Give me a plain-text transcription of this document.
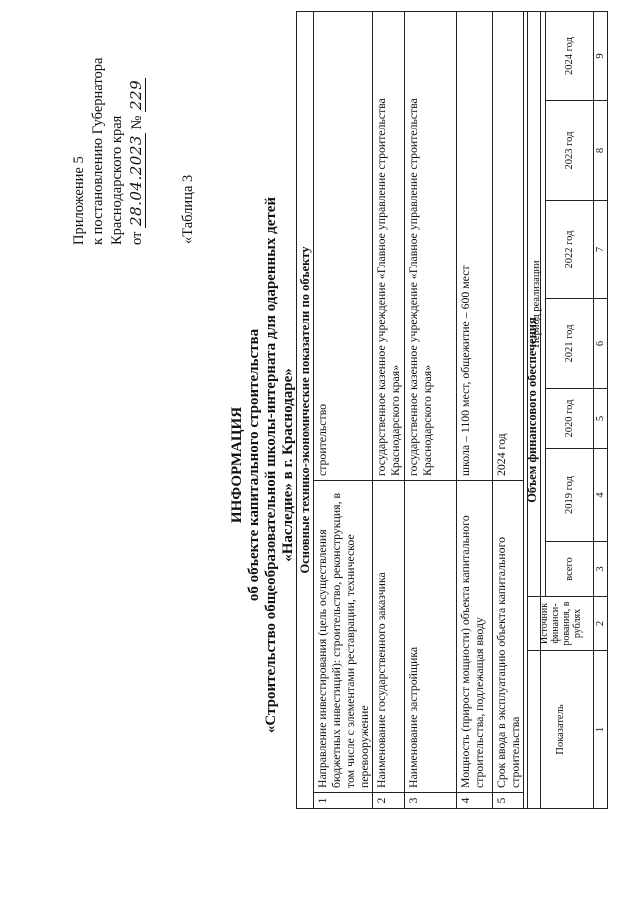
Приложение 5 к постановлению Губернатора Краснодарского края от 28.04.2023 № 229
«Таблица 3
ИНФОРМАЦИЯ об объекте капитального строительства «Строительство общеобразовательной школы-интерната для одаренных детей «Наследие» в г. Краснодаре» Основные технико-экономические показатели по объекту		
1	Направление инвестирования (цель осуществления бюджетных инвестиций): строительство, реконструкция, в том числе с элементами реставрации, техническое перевооружение	строительство
2	Наименование государственного заказчика	государственное казенное учреждение «Главное управление строительства Краснодарского края»
3	Наименование застройщика	государственное казенное учреждение «Главное управление строительства Краснодарского края»
4	Мощность (прирост мощности) объекта капитального строительства, подлежащая вводу	школа – 1100 мест, общежитие – 600 мест
5	Срок ввода в эксплуатацию объекта капитального строительства	2024 год
Объем финансового обеспечения		
Показатель	Источник финанси-рования, в рублях	Период реализации						
		всего	2019 год	2020 год	2021 год	2022 год	2023 год	2024 год
1	2	3	4	5	6	7	8	9
